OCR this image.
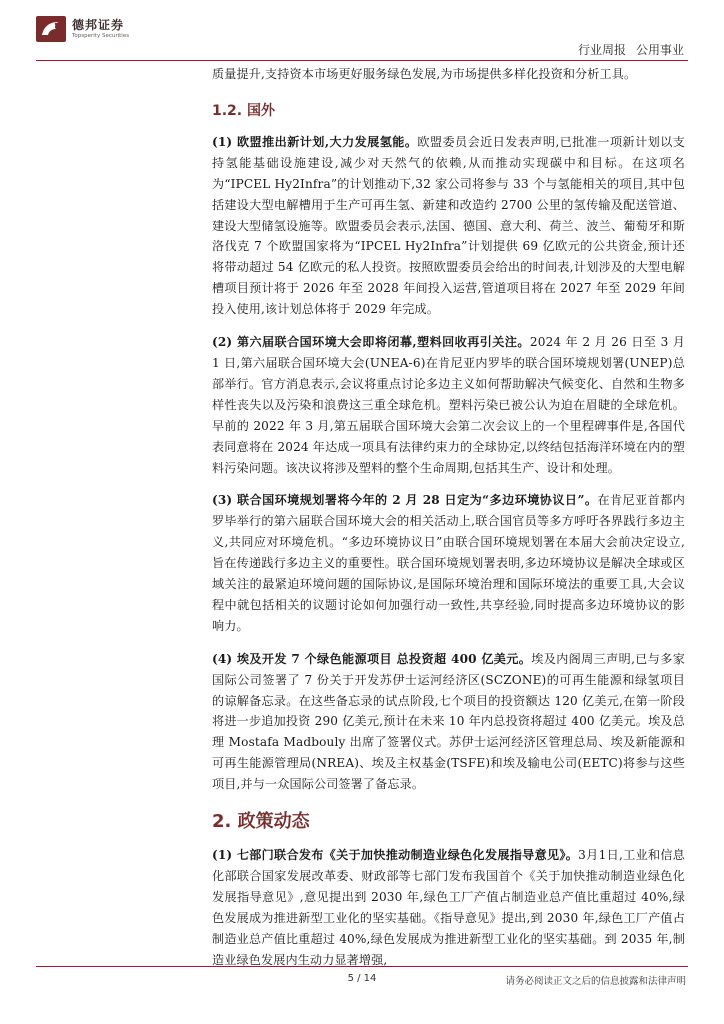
德邦证券
Topsperity Securities
行业周报 公用事业

质量提升,支持资本市场更好服务绿色发展,为市场提供多样化投资和分析工具。

1.2. 国外

(1) 欧盟推出新计划,大力发展氢能。欧盟委员会近日发表声明,已批准一项新计划以支持氢能基础设施建设,减少对天然气的依赖,从而推动实现碳中和目标。在这项名为“IPCEL Hy2Infra”的计划推动下,32 家公司将参与 33 个与氢能相关的项目,其中包括建设大型电解槽用于生产可再生氢、新建和改造约 2700 公里的氢传输及配送管道、建设大型储氢设施等。欧盟委员会表示,法国、德国、意大利、荷兰、波兰、葡萄牙和斯洛伐克 7 个欧盟国家将为“IPCEL Hy2Infra”计划提供 69 亿欧元的公共资金,预计还将带动超过 54 亿欧元的私人投资。按照欧盟委员会给出的时间表,计划涉及的大型电解槽项目预计将于 2026 年至 2028 年间投入运营,管道项目将在 2027 年至 2029 年间投入使用,该计划总体将于 2029 年完成。

(2) 第六届联合国环境大会即将闭幕,塑料回收再引关注。2024 年 2 月 26 日至 3 月 1 日,第六届联合国环境大会(UNEA-6)在肯尼亚内罗毕的联合国环境规划署(UNEP)总部举行。官方消息表示,会议将重点讨论多边主义如何帮助解决气候变化、自然和生物多样性丧失以及污染和浪费这三重全球危机。塑料污染已被公认为迫在眉睫的全球危机。早前的 2022 年 3 月,第五届联合国环境大会第二次会议上的一个里程碑事件是,各国代表同意将在 2024 年达成一项具有法律约束力的全球协定,以终结包括海洋环境在内的塑料污染问题。该决议将涉及塑料的整个生命周期,包括其生产、设计和处理。

(3) 联合国环境规划署将今年的 2 月 28 日定为“多边环境协议日”。在肯尼亚首都内罗毕举行的第六届联合国环境大会的相关活动上,联合国官员等多方呼吁各界践行多边主义,共同应对环境危机。“多边环境协议日”由联合国环境规划署在本届大会前决定设立,旨在传递践行多边主义的重要性。联合国环境规划署表明,多边环境协议是解决全球或区域关注的最紧迫环境问题的国际协议,是国际环境治理和国际环境法的重要工具,大会议程中就包括相关的议题讨论如何加强行动一致性,共享经验,同时提高多边环境协议的影响力。

(4) 埃及开发 7 个绿色能源项目 总投资超 400 亿美元。埃及内阁周三声明,已与多家国际公司签署了 7 份关于开发苏伊士运河经济区(SCZONE)的可再生能源和绿氢项目的谅解备忘录。在这些备忘录的试点阶段,七个项目的投资额达 120 亿美元,在第一阶段将进一步追加投资 290 亿美元,预计在未来 10 年内总投资将超过 400 亿美元。埃及总理 Mostafa Madbouly 出席了签署仪式。苏伊士运河经济区管理总局、埃及新能源和可再生能源管理局(NREA)、埃及主权基金(TSFE)和埃及输电公司(EETC)将参与这些项目,并与一众国际公司签署了备忘录。

2. 政策动态

(1) 七部门联合发布《关于加快推动制造业绿色化发展指导意见》。3月1日,工业和信息化部联合国家发展改革委、财政部等七部门发布我国首个《关于加快推动制造业绿色化发展指导意见》,意见提出到 2030 年,绿色工厂产值占制造业总产值比重超过 40%,绿色发展成为推进新型工业化的坚实基础。《指导意见》提出,到 2030 年,绿色工厂产值占制造业总产值比重超过 40%,绿色发展成为推进新型工业化的坚实基础。到 2035 年,制造业绿色发展内生动力显著增强,

5 / 14	请务必阅读正文之后的信息披露和法律声明
